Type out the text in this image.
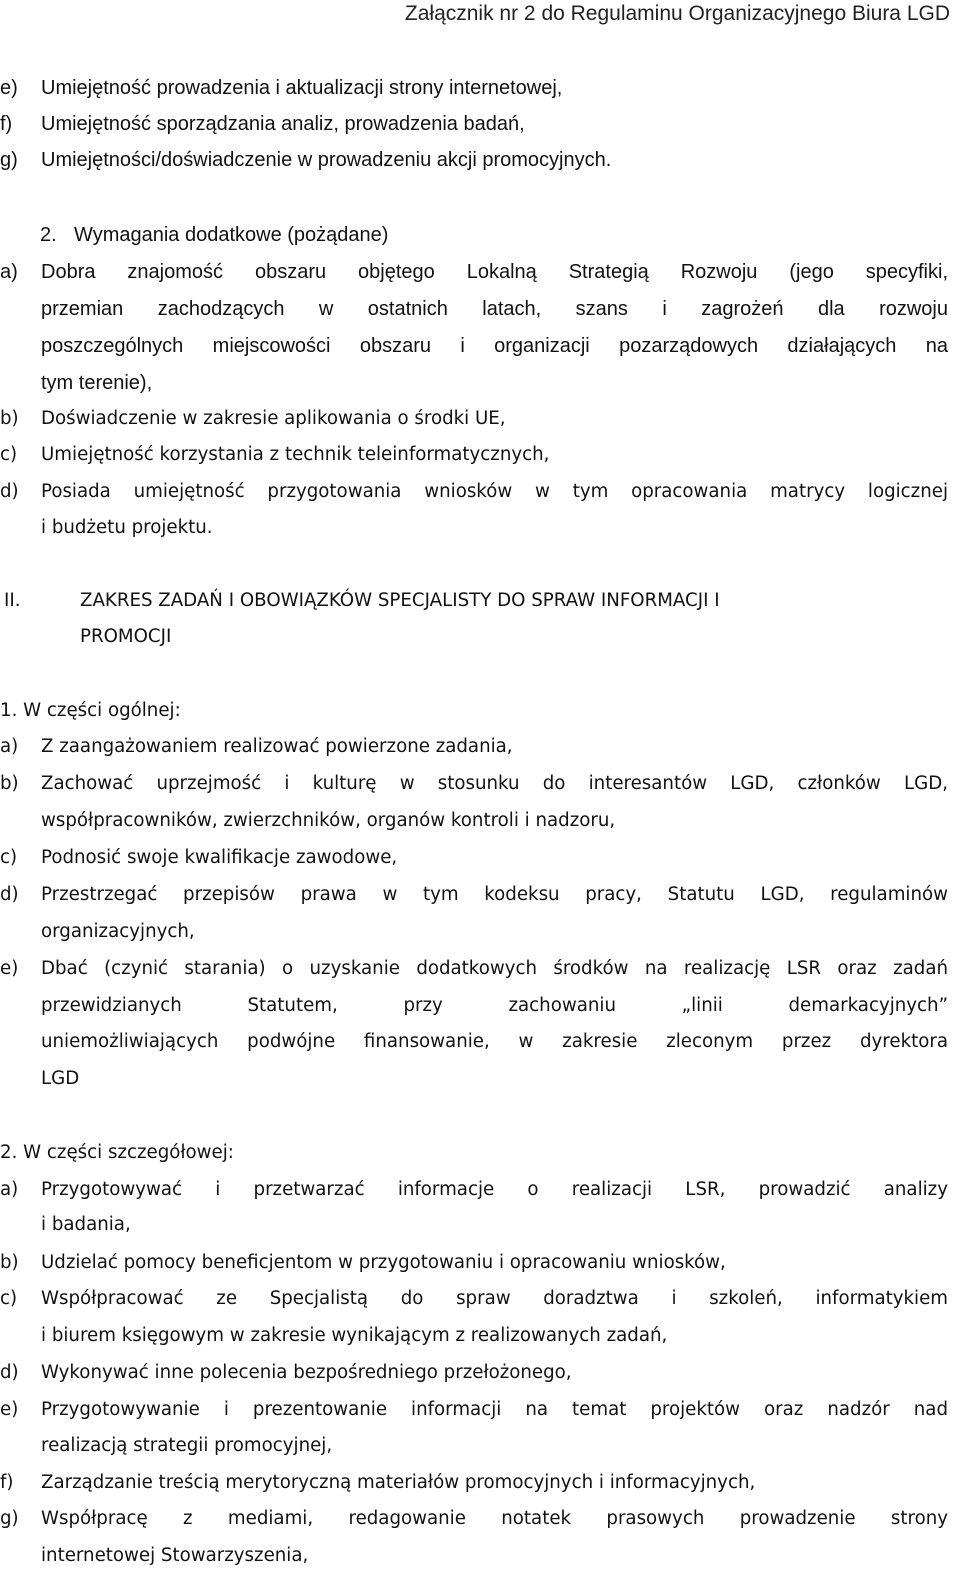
Załącznik nr 2 do Regulaminu Organizacyjnego Biura LGD
e) Umiejętność prowadzenia i aktualizacji strony internetowej,
f) Umiejętność sporządzania analiz, prowadzenia badań,
g) Umiejętności/doświadczenie w prowadzeniu akcji promocyjnych.
2. Wymagania dodatkowe (pożądane)
a) Dobra znajomość obszaru objętego Lokalną Strategią Rozwoju (jego specyfiki,
przemian zachodzących w ostatnich latach, szans i zagrożeń dla rozwoju
poszczególnych miejscowości obszaru i organizacji pozarządowych działających na
tym terenie),
b) Doświadczenie w zakresie aplikowania o środki UE,
c) Umiejętność korzystania z technik teleinformatycznych,
d) Posiada umiejętność przygotowania wniosków w tym opracowania matrycy logicznej
i budżetu projektu.
II.	ZAKRES ZADAŃ I OBOWIĄZKÓW SPECJALISTY DO SPRAW INFORMACJI I
PROMOCJI
1. W części ogólnej:
a) Z zaangażowaniem realizować powierzone zadania,
b) Zachować uprzejmość i kulturę w stosunku do interesantów LGD, członków LGD,
współpracowników, zwierzchników, organów kontroli i nadzoru,
c) Podnosić swoje kwalifikacje zawodowe,
d) Przestrzegać przepisów prawa w tym kodeksu pracy, Statutu LGD, regulaminów
organizacyjnych,
e) Dbać (czynić starania) o uzyskanie dodatkowych środków na realizację LSR oraz zadań
przewidzianych Statutem, przy zachowaniu „linii demarkacyjnych”
uniemożliwiających podwójne finansowanie, w zakresie zleconym przez dyrektora
LGD
2. W części szczegółowej:
a) Przygotowywać i przetwarzać informacje o realizacji LSR, prowadzić analizy
i badania,
b) Udzielać pomocy beneficjentom w przygotowaniu i opracowaniu wniosków,
c) Współpracować ze Specjalistą do spraw doradztwa i szkoleń, informatykiem
i biurem księgowym w zakresie wynikającym z realizowanych zadań,
d) Wykonywać inne polecenia bezpośredniego przełożonego,
e) Przygotowywanie i prezentowanie informacji na temat projektów oraz nadzór nad
realizacją strategii promocyjnej,
f) Zarządzanie treścią merytoryczną materiałów promocyjnych i informacyjnych,
g) Współpracę z mediami, redagowanie notatek prasowych prowadzenie strony
internetowej Stowarzyszenia,
